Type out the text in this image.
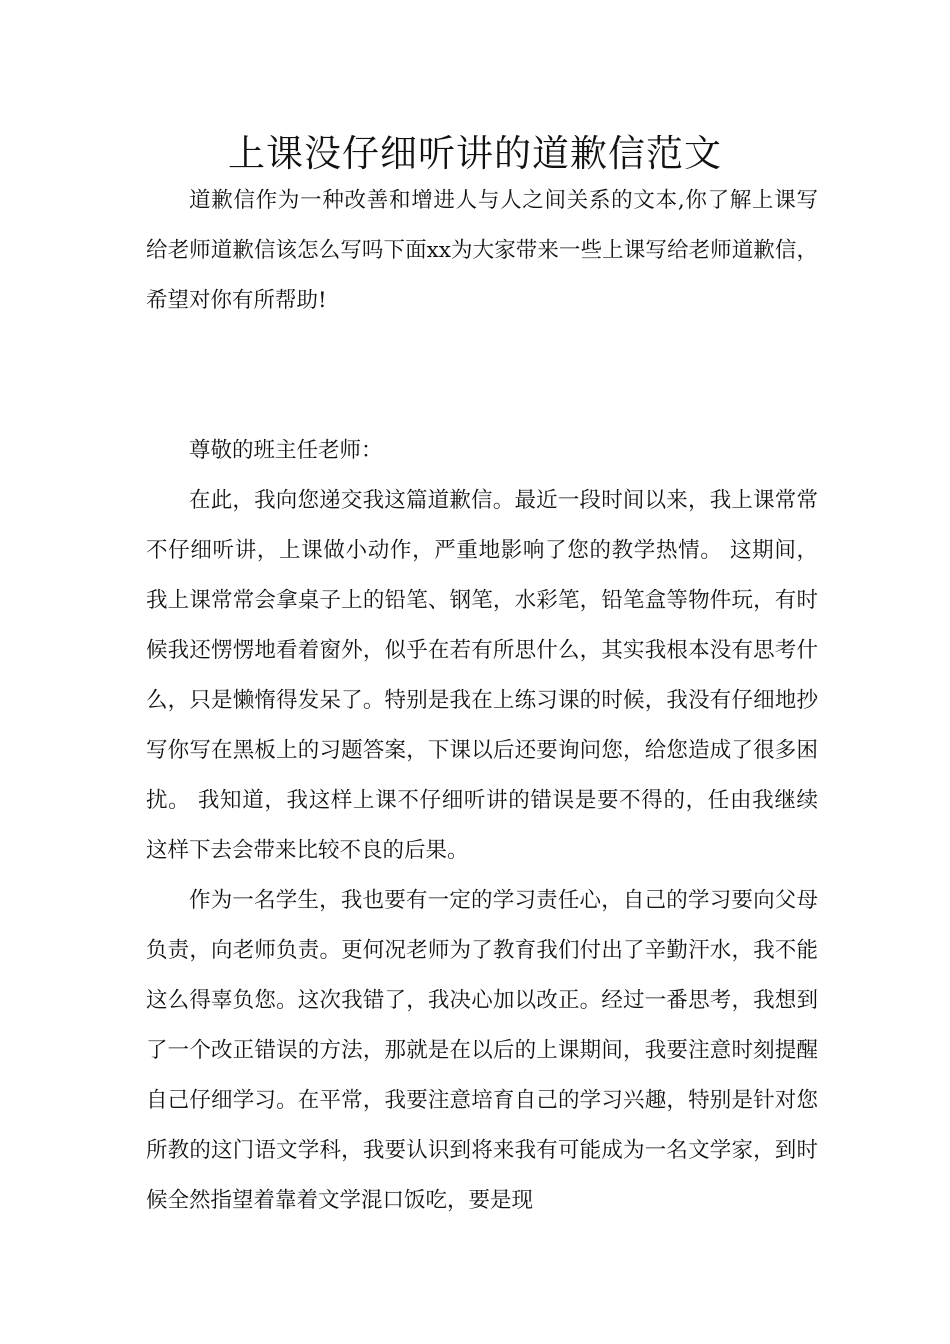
上课没仔细听讲的道歉信范文

道歉信作为一种改善和增进人与人之间关系的文本,你了解上课写给老师道歉信该怎么写吗下面xx为大家带来一些上课写给老师道歉信，希望对你有所帮助!

尊敬的班主任老师：

在此，我向您递交我这篇道歉信。最近一段时间以来，我上课常常不仔细听讲，上课做小动作，严重地影响了您的教学热情。 这期间，我上课常常会拿桌子上的铅笔、钢笔，水彩笔，铅笔盒等物件玩，有时候我还愣愣地看着窗外，似乎在若有所思什么，其实我根本没有思考什么，只是懒惰得发呆了。特别是我在上练习课的时候，我没有仔细地抄写你写在黑板上的习题答案，下课以后还要询问您，给您造成了很多困扰。 我知道，我这样上课不仔细听讲的错误是要不得的，任由我继续这样下去会带来比较不良的后果。

作为一名学生，我也要有一定的学习责任心，自己的学习要向父母负责，向老师负责。更何况老师为了教育我们付出了辛勤汗水，我不能这么得辜负您。这次我错了，我决心加以改正。经过一番思考，我想到了一个改正错误的方法，那就是在以后的上课期间，我要注意时刻提醒自己仔细学习。在平常，我要注意培育自己的学习兴趣，特别是针对您所教的这门语文学科，我要认识到将来我有可能成为一名文学家，到时候全然指望着靠着文学混口饭吃，要是现
